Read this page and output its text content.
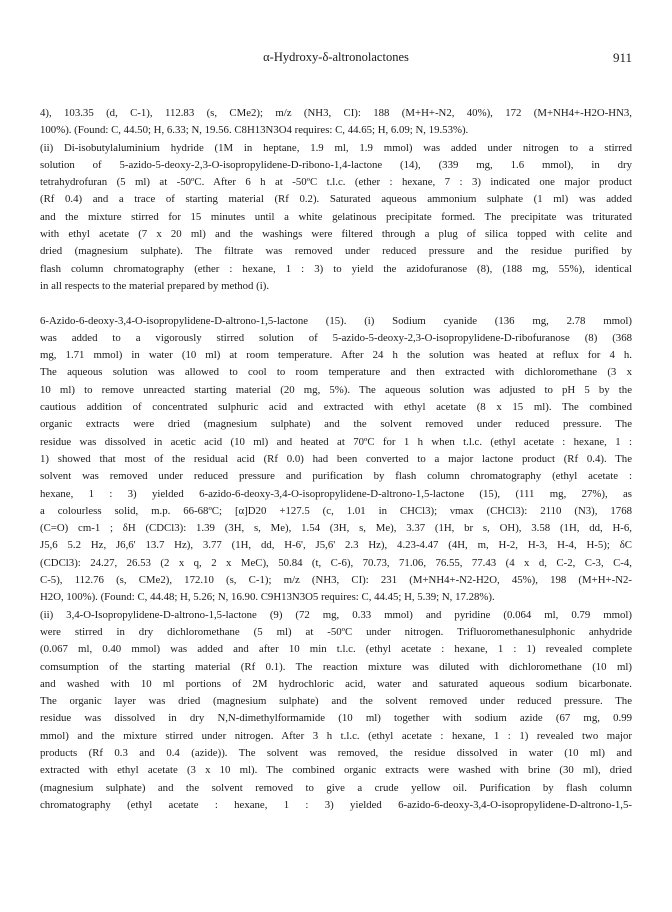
α-Hydroxy-δ-altronolactones	911
4), 103.35 (d, C-1), 112.83 (s, CMe2); m/z (NH3, CI): 188 (M+H+-N2, 40%), 172 (M+NH4+-H2O-HN3,
100%). (Found: C, 44.50; H, 6.33; N, 19.56. C8H13N3O4 requires: C, 44.65; H, 6.09; N, 19.53%).
(ii) Di-isobutylaluminium hydride (1M in heptane, 1.9 ml, 1.9 mmol) was added under nitrogen to a stirred
solution of 5-azido-5-deoxy-2,3-O-isopropylidene-D-ribono-1,4-lactone (14), (339 mg, 1.6 mmol), in dry
tetrahydrofuran (5 ml) at -50ºC. After 6 h at -50ºC t.l.c. (ether : hexane, 7 : 3) indicated one major product
(Rf 0.4) and a trace of starting material (Rf 0.2). Saturated aqueous ammonium sulphate (1 ml) was added
and the mixture stirred for 15 minutes until a white gelatinous precipitate formed. The precipitate was triturated
with ethyl acetate (7 x 20 ml) and the washings were filtered through a plug of silica topped with celite and
dried (magnesium sulphate). The filtrate was removed under reduced pressure and the residue purified by
flash column chromatography (ether : hexane, 1 : 3) to yield the azidofuranose (8), (188 mg, 55%), identical
in all respects to the material prepared by method (i).
6-Azido-6-deoxy-3,4-O-isopropylidene-D-altrono-1,5-lactone (15). (i) Sodium cyanide (136 mg, 2.78 mmol)
was added to a vigorously stirred solution of 5-azido-5-deoxy-2,3-O-isopropylidene-D-ribofuranose (8) (368
mg, 1.71 mmol) in water (10 ml) at room temperature. After 24 h the solution was heated at reflux for 4 h.
The aqueous solution was allowed to cool to room temperature and then extracted with dichloromethane (3 x
10 ml) to remove unreacted starting material (20 mg, 5%). The aqueous solution was adjusted to pH 5 by the
cautious addition of concentrated sulphuric acid and extracted with ethyl acetate (8 x 15 ml). The combined
organic extracts were dried (magnesium sulphate) and the solvent removed under reduced pressure. The
residue was dissolved in acetic acid (10 ml) and heated at 70ºC for 1 h when t.l.c. (ethyl acetate : hexane, 1 :
1) showed that most of the residual acid (Rf 0.0) had been converted to a major lactone product (Rf 0.4). The
solvent was removed under reduced pressure and purification by flash column chromatography (ethyl acetate :
hexane, 1 : 3) yielded 6-azido-6-deoxy-3,4-O-isopropylidene-D-altrono-1,5-lactone (15), (111 mg, 27%), as
a colourless solid, m.p. 66-68ºC; [α]D20 +127.5 (c, 1.01 in CHCl3); νmax (CHCl3): 2110 (N3), 1768
(C=O) cm-1 ; δH (CDCl3): 1.39 (3H, s, Me), 1.54 (3H, s, Me), 3.37 (1H, br s, OH), 3.58 (1H, dd, H-6,
J5,6 5.2 Hz, J6,6' 13.7 Hz), 3.77 (1H, dd, H-6', J5,6' 2.3 Hz), 4.23-4.47 (4H, m, H-2, H-3, H-4, H-5); δC
(CDCl3): 24.27, 26.53 (2 x q, 2 x MeC), 50.84 (t, C-6), 70.73, 71.06, 76.55, 77.43 (4 x d, C-2, C-3, C-4,
C-5), 112.76 (s, CMe2), 172.10 (s, C-1); m/z (NH3, CI): 231 (M+NH4+-N2-H2O, 45%), 198 (M+H+-N2-
H2O, 100%). (Found: C, 44.48; H, 5.26; N, 16.90. C9H13N3O5 requires: C, 44.45; H, 5.39; N, 17.28%).
(ii) 3,4-O-Isopropylidene-D-altrono-1,5-lactone (9) (72 mg, 0.33 mmol) and pyridine (0.064 ml, 0.79 mmol)
were stirred in dry dichloromethane (5 ml) at -50ºC under nitrogen. Trifluoromethanesulphonic anhydride
(0.067 ml, 0.40 mmol) was added and after 10 min t.l.c. (ethyl acetate : hexane, 1 : 1) revealed complete
comsumption of the starting material (Rf 0.1). The reaction mixture was diluted with dichloromethane (10 ml)
and washed with 10 ml portions of 2M hydrochloric acid, water and saturated aqueous sodium bicarbonate.
The organic layer was dried (magnesium sulphate) and the solvent removed under reduced pressure. The
residue was dissolved in dry N,N-dimethylformamide (10 ml) together with sodium azide (67 mg, 0.99
mmol) and the mixture stirred under nitrogen. After 3 h t.l.c. (ethyl acetate : hexane, 1 : 1) revealed two major
products (Rf 0.3 and 0.4 (azide)). The solvent was removed, the residue dissolved in water (10 ml) and
extracted with ethyl acetate (3 x 10 ml). The combined organic extracts were washed with brine (30 ml), dried
(magnesium sulphate) and the solvent removed to give a crude yellow oil. Purification by flash column
chromatography (ethyl acetate : hexane, 1 : 3) yielded 6-azido-6-deoxy-3,4-O-isopropylidene-D-altrono-1,5-
